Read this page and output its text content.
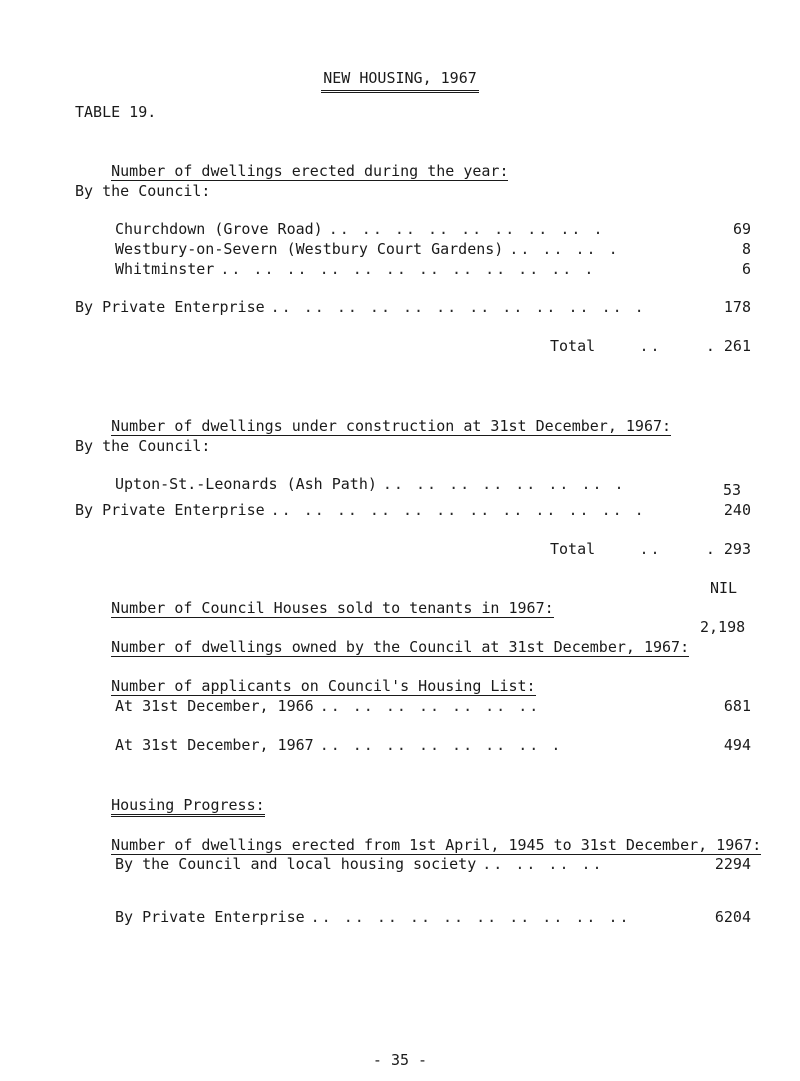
NEW HOUSING, 1967
TABLE 19.

Number of dwellings erected during the year:

By the Council:
Churchdown (Grove Road) .. .. .. .. .. .. .. .. .	69
Westbury-on-Severn (Westbury Court Gardens) .. .. .. .	8
Whitminster .. .. .. .. .. .. .. .. .. .. .. .	6
By Private Enterprise .. .. .. .. .. .. .. .. .. .. .. .	178
Total	..	. 261

Number of dwellings under construction at 31st December, 1967:

By the Council:
Upton-St.-Leonards (Ash Path) .. .. .. .. .. .. .. .	53
By Private Enterprise .. .. .. .. .. .. .. .. .. .. .. .	240
Total	..	. 293

Number of Council Houses sold to tenants in 1967:

NIL

Number of dwellings owned by the Council at 31st December, 1967:

2,198

Number of applicants on Council's Housing List:

At 31st December, 1966 .. .. .. .. .. .. ..	681
At 31st December, 1967 .. .. .. .. .. .. .. .	494

Housing Progress:

Number of dwellings erected from 1st April, 1945 to 31st December, 1967:

By the Council and local housing society .. .. .. ..	2294
By Private Enterprise .. .. .. .. .. .. .. .. .. ..	6204
- 35 -
